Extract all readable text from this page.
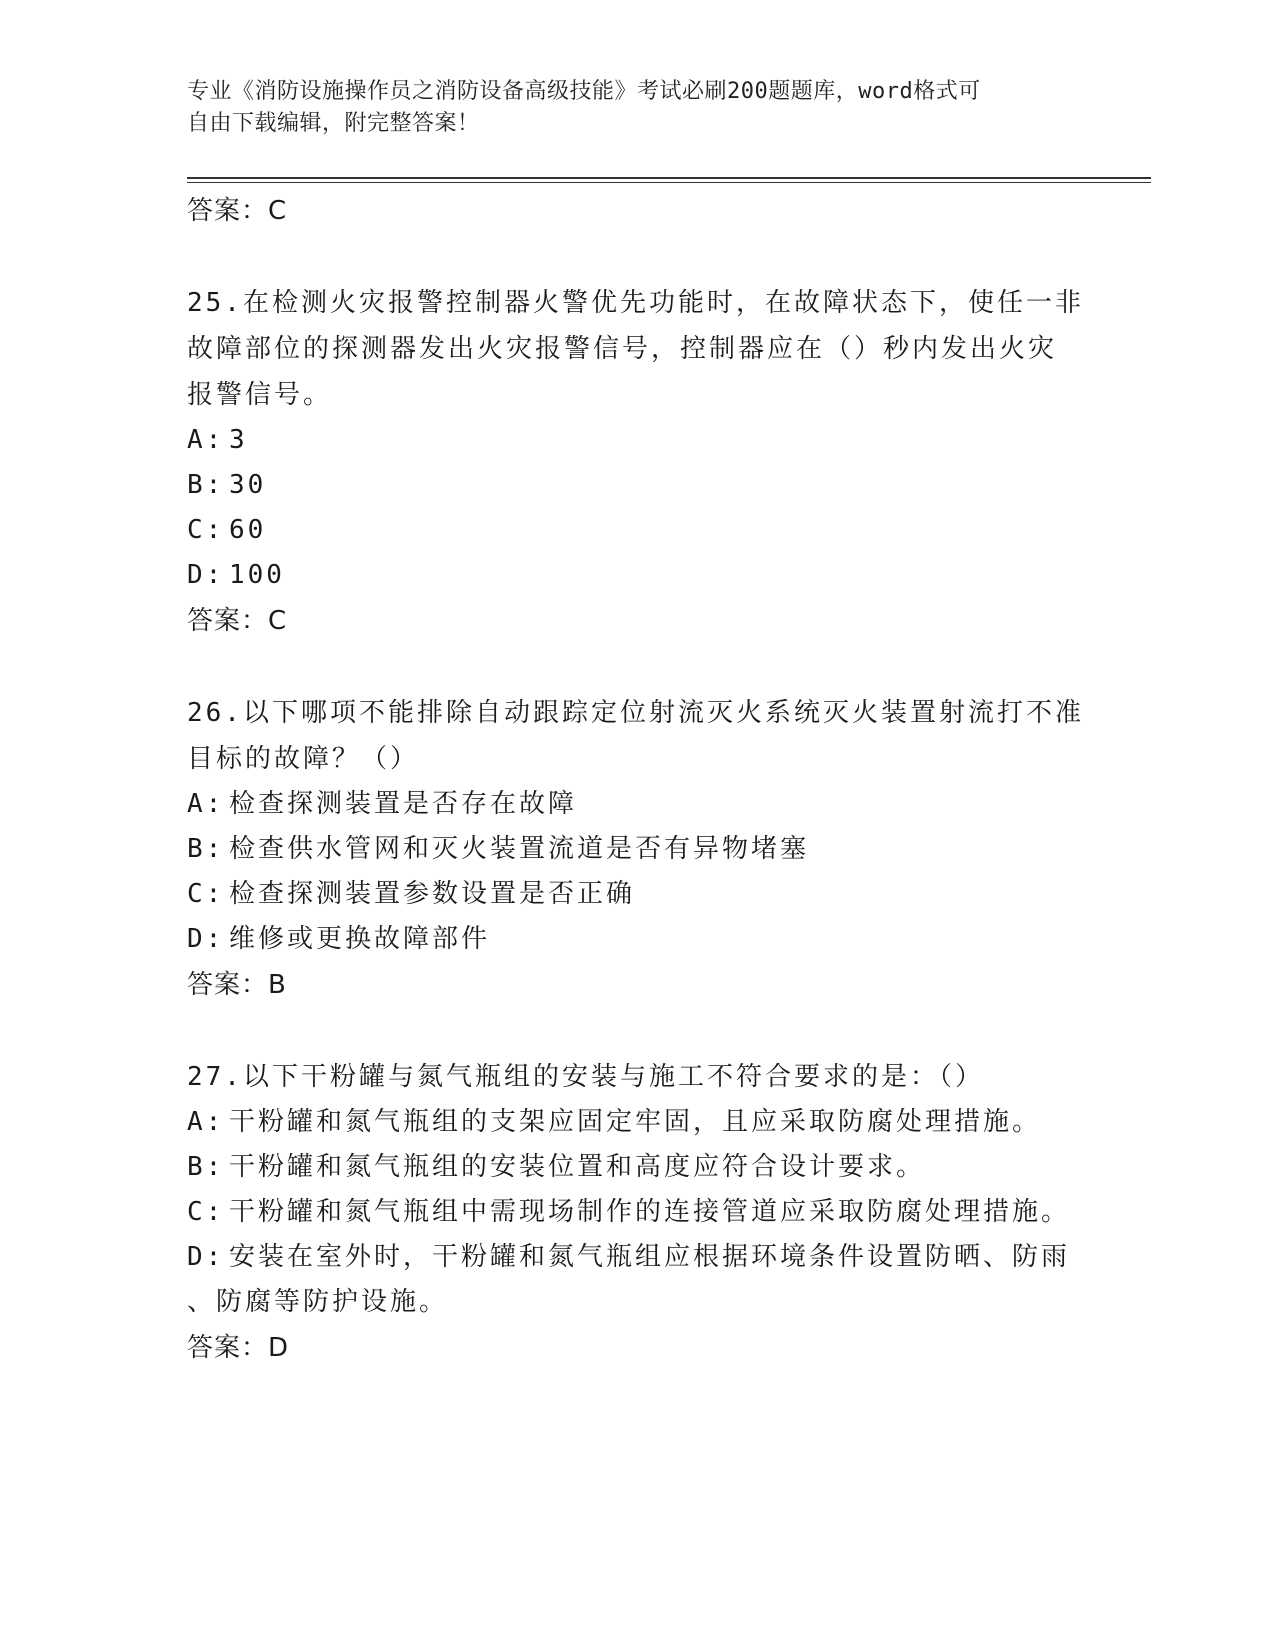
专业《消防设施操作员之消防设备高级技能》考试必刷200题题库，word格式可
自由下载编辑，附完整答案！
答案：C
25.在检测火灾报警控制器火警优先功能时，在故障状态下，使任一非
故障部位的探测器发出火灾报警信号，控制器应在（）秒内发出火灾
报警信号。
A: 3
B: 30
C: 60
D: 100
答案：C
26.以下哪项不能排除自动跟踪定位射流灭火系统灭火装置射流打不准
目标的故障？（）
A: 检查探测装置是否存在故障
B: 检查供水管网和灭火装置流道是否有异物堵塞
C: 检查探测装置参数设置是否正确
D: 维修或更换故障部件
答案：B
27.以下干粉罐与氮气瓶组的安装与施工不符合要求的是：（）
A: 干粉罐和氮气瓶组的支架应固定牢固，且应采取防腐处理措施。
B: 干粉罐和氮气瓶组的安装位置和高度应符合设计要求。
C: 干粉罐和氮气瓶组中需现场制作的连接管道应采取防腐处理措施。
D: 安装在室外时，干粉罐和氮气瓶组应根据环境条件设置防晒、防雨
、防腐等防护设施。
答案：D
